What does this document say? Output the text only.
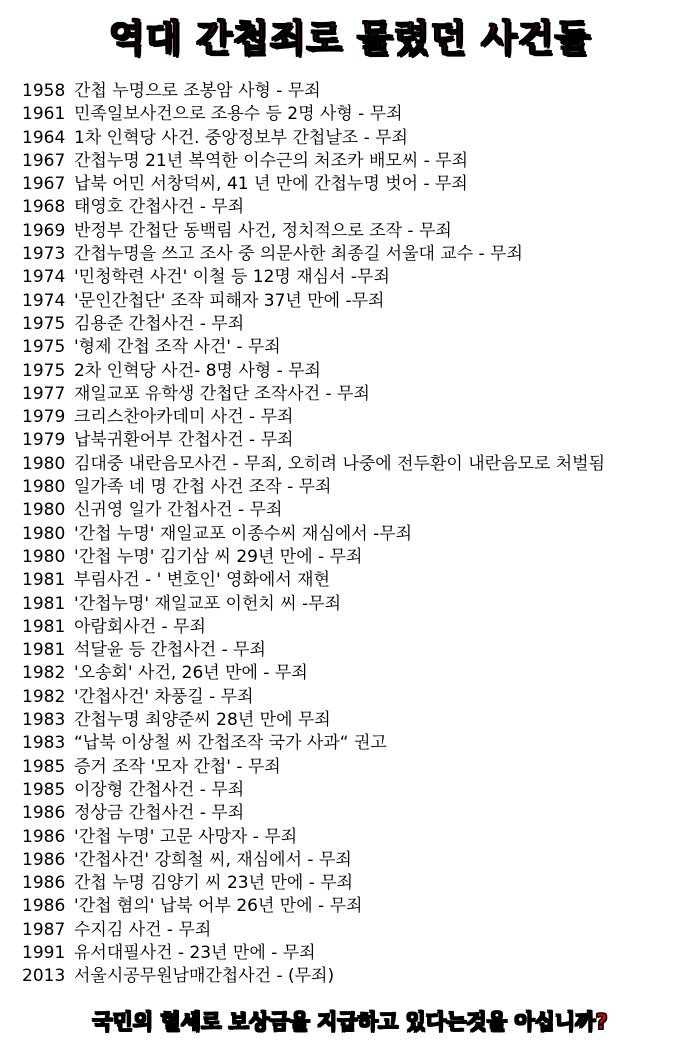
역대 간첩죄로 몰렸던 사건들
1958 간첩 누명으로 조봉암 사형 - 무죄
1961 민족일보사건으로 조용수 등 2명 사형 - 무죄
1964 1차 인혁당 사건. 중앙정보부 간첩날조 - 무죄
1967 간첩누명 21년 복역한 이수근의 처조카 배모씨 - 무죄
1967 납북 어민 서창덕씨, 41 년 만에 간첩누명 벗어 - 무죄
1968 태영호 간첩사건 - 무죄
1969 반정부 간첩단 동백림 사건, 정치적으로 조작 - 무죄
1973 간첩누명을 쓰고 조사 중 의문사한 최종길 서울대 교수 - 무죄
1974 '민청학련 사건' 이철 등 12명 재심서 -무죄
1974 '문인간첩단' 조작 피해자 37년 만에 -무죄
1975 김용준 간첩사건 - 무죄
1975 '형제 간첩 조작 사건' - 무죄
1975 2차 인혁당 사건- 8명 사형 - 무죄
1977 재일교포 유학생 간첩단 조작사건 - 무죄
1979 크리스찬아카데미 사건 - 무죄
1979 납북귀환어부 간첩사건 - 무죄
1980 김대중 내란음모사건 - 무죄, 오히려 나중에 전두환이 내란음모로 처벌됨
1980 일가족 네 명 간첩 사건 조작 - 무죄
1980 신귀영 일가 간첩사건 - 무죄
1980 '간첩 누명' 재일교포 이종수씨 재심에서 -무죄
1980 '간첩 누명' 김기삼 씨 29년 만에 - 무죄
1981 부림사건 - ' 변호인' 영화에서 재현
1981 '간첩누명' 재일교포 이헌치 씨 -무죄
1981 아람회사건 - 무죄
1981 석달윤 등 간첩사건 - 무죄
1982 '오송회' 사건, 26년 만에 - 무죄
1982 '간첩사건' 차풍길 - 무죄
1983 간첩누명 최양준씨 28년 만에 무죄
1983 “납북 이상철 씨 간첩조작 국가 사과“ 권고
1985 증거 조작 '모자 간첩' - 무죄
1985 이장형 간첩사건 - 무죄
1986 정상금 간첩사건 - 무죄
1986 '간첩 누명' 고문 사망자 - 무죄
1986 '간첩사건' 강희철 씨, 재심에서 - 무죄
1986 간첩 누명 김양기 씨 23년 만에 - 무죄
1986 '간첩 혐의' 납북 어부 26년 만에 - 무죄
1987 수지김 사건 - 무죄
1991 유서대필사건 - 23년 만에 - 무죄
2013 서울시공무원남매간첩사건 - (무죄)
국민의 혈세로 보상금을 지급하고 있다는것을 아십니까?
